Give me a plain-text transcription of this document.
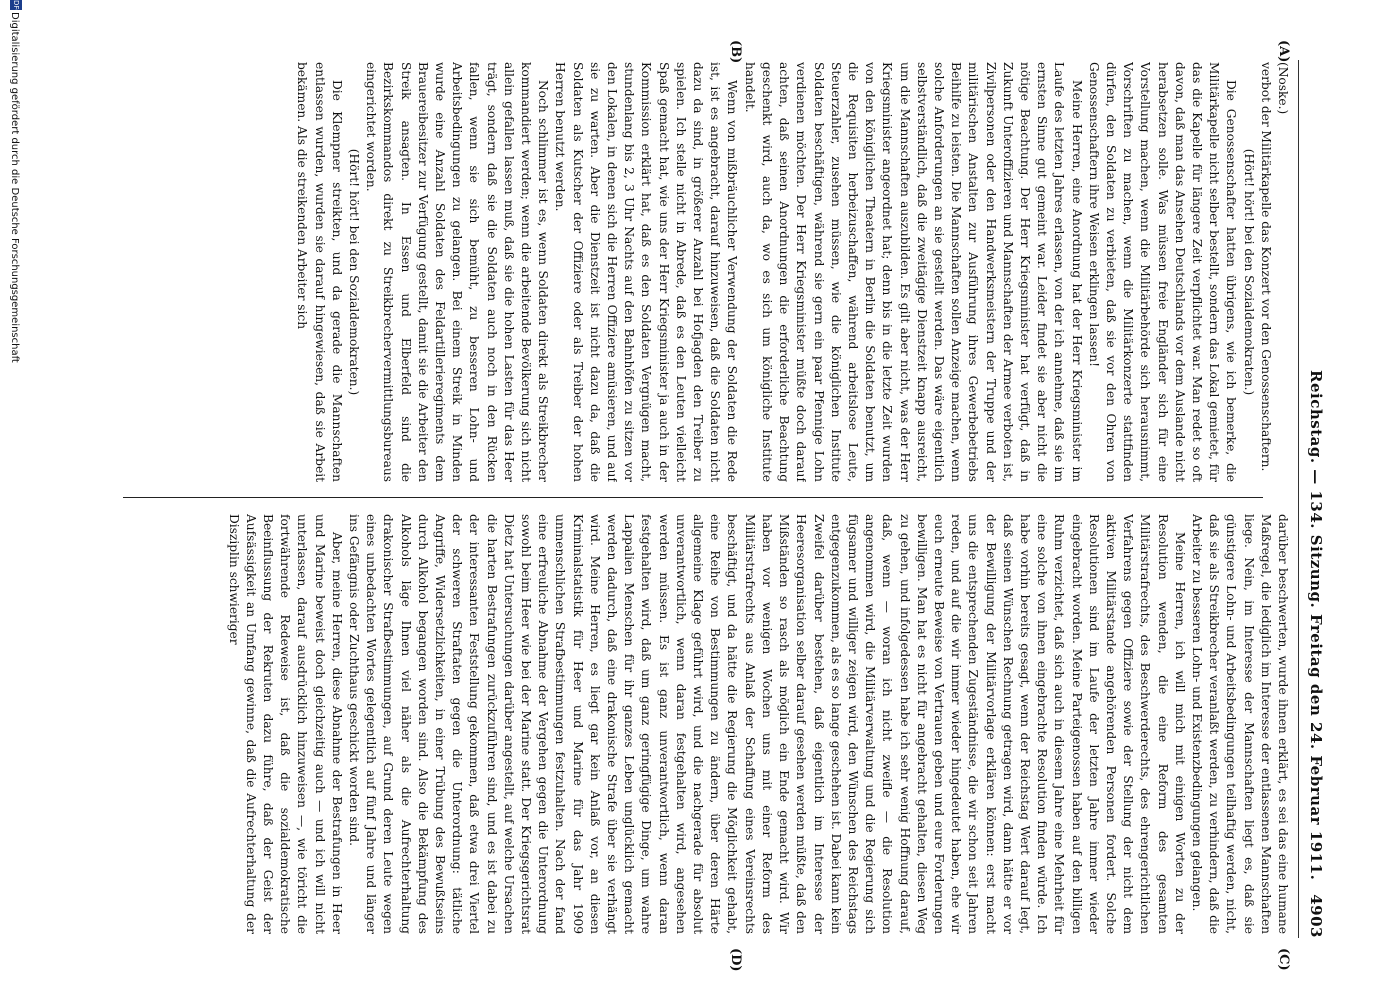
Reichstag. — 134. Sitzung. Freitag den 24. Februar 1911.
4903
(A)
(B)
(C)
(D)

(Noske.)

verbot der Militärkapelle das Konzert vor den Genossenschaftern.

(Hört! hört! bei den Sozialdemokraten.)

Die Genossenschafter hatten übrigens, wie ich bemerke, die Militärkapelle nicht selber bestellt, sondern das Lokal gemietet, für das die Kapelle für längere Zeit verpflichtet war. Man redet so oft davon, daß man das Ansehen Deutschlands vor dem Auslande nicht herabsetzen solle. Was müssen freie Engländer sich für eine Vorstellung machen, wenn die Militärbehörde sich herausnimmt, Vorschriften zu machen, wenn die Militärkonzerte stattfinden dürfen, den Soldaten zu verbieten, daß sie vor den Ohren von Genossenschaftern ihre Weisen erklingen lassen!

Meine Herren, eine Anordnung hat der Herr Kriegsminister im Laufe des letzten Jahres erlassen, von der ich annehme, daß sie im ernsten Sinne gut gemeint war. Leider findet sie aber nicht die nötige Beachtung. Der Herr Kriegsminister hat verfügt, daß in Zukunft Unteroffizieren und Mannschaften der Armee verboten ist, Zivilpersonen oder den Handwerksmeistern der Truppe und der militärischen Anstalten zur Ausführung ihres Gewerbebetriebs Beihilfe zu leisten. Die Mannschaften sollen Anzeige machen, wenn solche Anforderungen an sie gestellt werden. Das wäre eigentlich selbstverständlich, daß die zweitägige Dienstzeit knapp ausreicht, um die Mannschaften auszubilden. Es gilt aber nicht, was der Herr Kriegsminister angeordnet hat; denn bis in die letzte Zeit wurden von den königlichen Theatern in Berlin die Soldaten benutzt, um die Requisiten herbeizuschaffen, während arbeitslose Leute, Steuerzahler, zusehen müssen, wie die königlichen Institute Soldaten beschäftigen, während sie gern ein paar Pfennige Lohn verdienen möchten. Der Herr Kriegsminister müßte doch darauf achten, daß seinen Anordnungen die erforderliche Beachtung geschenkt wird, auch da, wo es sich um königliche Institute handelt.

Wenn von mißbräuchlicher Verwendung der Soldaten die Rede ist, ist es angebracht, darauf hinzuweisen, daß die Soldaten nicht dazu da sind, in größerer Anzahl bei Hofjagden den Treiber zu spielen. Ich stelle nicht in Abrede, daß es den Leuten vielleicht Spaß gemacht hat, wie uns der Herr Kriegsminister ja auch in der Kommission erklärt hat, daß es den Soldaten Vergnügen macht, stundenlang bis 2, 3 Uhr Nachts auf den Bahnhöfen zu sitzen vor den Lokalen, in denen sich die Herren Offiziere amüsieren, und auf sie zu warten. Aber die Dienstzeit ist nicht dazu da, daß die Soldaten als Kutscher der Offiziere oder als Treiber der hohen Herren benutzt werden.

Noch schlimmer ist es, wenn Soldaten direkt als Streikbrecher kommandiert werden; wenn die arbeitende Bevölkerung sich nicht allein gefallen lassen muß, daß sie die hohen Lasten für das Heer trägt, sondern daß sie die Soldaten auch noch in den Rücken fallen, wenn sie sich bemüht, zu besseren Lohn- und Arbeitsbedingungen zu gelangen. Bei einem Streik in Minden wurde eine Anzahl Soldaten des Feldartillerieregiments dem Brauereibesitzer zur Verfügung gestellt, damit sie die Arbeiter den Streik ansagten. In Essen und Elberfeld sind die Bezirkskommandos direkt zu Streikbrechervermittlungsbureaus eingerichtet worden.

(Hört! hört! bei den Sozialdemokraten.)

Die Klempner streikten, und da gerade die Mannschaften entlassen wurden, wurden sie darauf hingewiesen, daß sie Arbeit bekämen. Als die streikenden Arbeiter sich

darüber beschwerten, wurde ihnen erklärt, es sei das eine humane Maßregel, die lediglich im Interesse der entlassenen Mannschaften liege. Nein, im Interesse der Mannschaften liegt es, daß sie günstigere Lohn- und Arbeitsbedingungen teilhaftig werden, nicht, daß sie als Streikbrecher veranlaßt werden, zu verhindern, daß die Arbeiter zu besseren Lohn- und Existenzbedingungen gelangen.

Meine Herren, ich will mich mit einigen Worten zu der Resolution wenden, die eine Reform des gesamten Militärstrafrechts, des Beschwerderechts, des ehrengerichtlichen Verfahrens gegen Offiziere sowie der Stellung der nicht dem aktiven Militärstande angehörenden Personen fordert. Solche Resolutionen sind im Laufe der letzten Jahre immer wieder eingebracht worden. Meine Parteigenossen haben auf den billigen Ruhm verzichtet, daß sich auch in diesem Jahre eine Mehrheit für eine solche von ihnen eingebrachte Resolution finden würde. Ich habe vorhin bereits gesagt, wenn der Reichstag Wert darauf legt, daß seinen Wünschen Rechnung getragen wird, dann hätte er vor der Bewilligung der Militärvorlage erklären können: erst macht uns die entsprechenden Zugeständnisse, die wir schon seit Jahren reden, und auf die wir immer wieder hingedeutet haben, ehe wir euch erneute Beweise von Vertrauen geben und eure Forderungen bewilligen. Man hat es nicht für angebracht gehalten, diesen Weg zu gehen, und infolgedessen habe ich sehr wenig Hoffnung darauf, daß, wenn — woran ich nicht zweifle — die Resolution angenommen wird, die Militärverwaltung und die Regierung sich fügsamer und williger zeigen wird, den Wünschen des Reichstags entgegenzukommen, als es so lange geschehen ist. Dabei kann kein Zweifel darüber bestehen, daß eigentlich im Interesse der Heeresorganisation selber darauf gesehen werden müßte, daß den Mißständen so rasch als möglich ein Ende gemacht wird. Wir haben vor wenigen Wochen uns mit einer Reform des Militärstrafrechts aus Anlaß der Schaffung eines Vereinsrechts beschäftigt, und da hätte die Regierung die Möglichkeit gehabt, eine Reihe von Bestimmungen zu ändern, über deren Härte allgemeine Klage geführt wird, und die nachgerade für absolut unverantwortlich, wenn daran festgehalten wird, angesehen werden müssen. Es ist ganz unverantwortlich, wenn daran festgehalten wird, daß um ganz geringfügige Dinge, um wahre Lappalien Menschen für ihr ganzes Leben unglücklich gemacht werden dadurch, daß eine drakonische Strafe über sie verhängt wird. Meine Herren, es liegt gar kein Anlaß vor, an diesen Kriminalstatistik für Heer und Marine für das Jahr 1909 unmenschlichen Strafbestimmungen festzuhalten. Nach der fand eine erfreuliche Abnahme der Vergehen gegen die Unterordnung sowohl beim Heer wie bei der Marine statt. Der Kriegsgerichtsrat Dietz hat Untersuchungen darüber angestellt, auf welche Ursachen die harten Bestrafungen zurückzuführen sind, und es ist dabei zu der interessanten Feststellung gekommen, daß etwa drei Viertel der schweren Straftaten gegen die Unterordnung: tätliche Angriffe, Widersetzlichkeiten, in einer Trübung des Bewußtseins durch Alkohol begangen worden sind. Also die Bekämpfung des Alkohols läge Ihnen viel näher als die Aufrechterhaltung drakonischer Strafbestimmungen, auf Grund deren Leute wegen eines unbedachten Wortes gelegentlich auf fünf Jahre und länger ins Gefängnis oder Zuchthaus geschickt worden sind.

Aber, meine Herren, diese Abnahme der Bestrafungen in Heer und Marine beweist doch gleichzeitig auch — und ich will nicht unterlassen, darauf ausdrücklich hinzuweisen —, wie töricht die fortwährende Redeweise ist, daß die sozialdemokratische Beeinflussung der Rekruten dazu führe, daß der Geist der Aufsässigkeit an Umfang gewinne, daß die Aufrechterhaltung der Disziplin schwieriger

DFG
Digitalisierung gefördert durch die Deutsche Forschungsgemeinschaft
